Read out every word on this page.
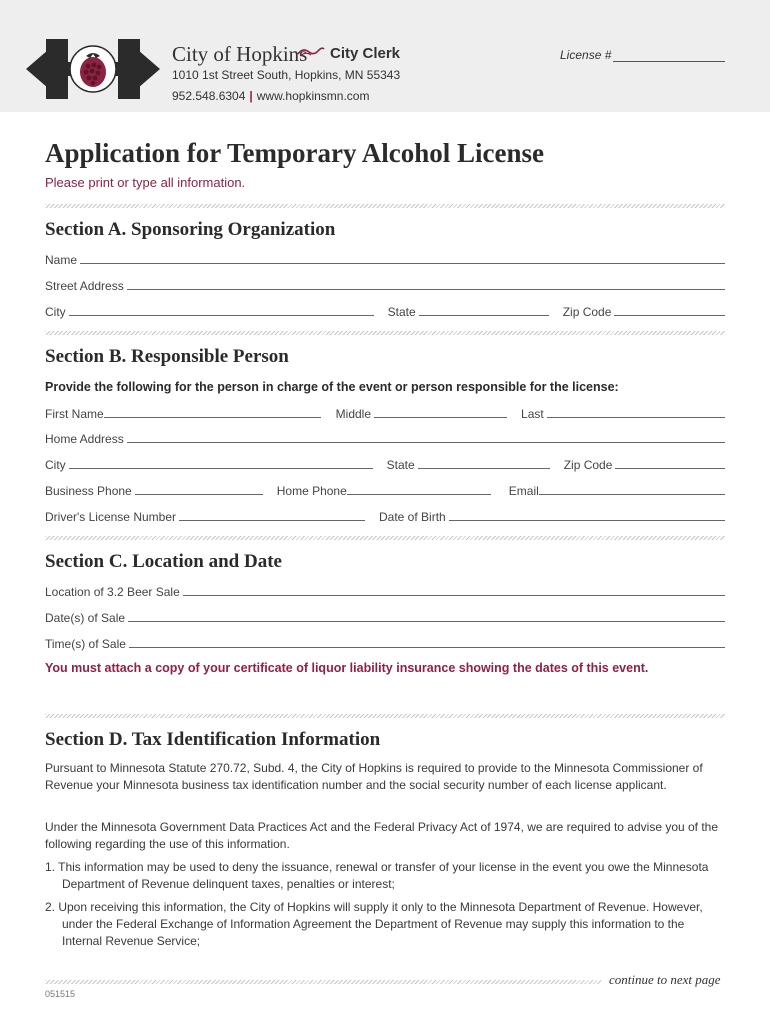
City of Hopkins City Clerk
1010 1st Street South, Hopkins, MN 55343
952.548.6304 | www.hopkinsmn.com
License #
Application for Temporary Alcohol License
Please print or type all information.
Section A. Sponsoring Organization
Name
Street Address
City	State	Zip Code
Section B. Responsible Person
Provide the following for the person in charge of the event or person responsible for the license:
First Name	Middle	Last
Home Address
City	State	Zip Code
Business Phone	Home Phone	Email
Driver's License Number	Date of Birth
Section C. Location and Date
Location of 3.2 Beer Sale
Date(s) of Sale
Time(s) of Sale
You must attach a copy of your certificate of liquor liability insurance showing the dates of this event.
Section D. Tax Identification Information

Pursuant to Minnesota Statute 270.72, Subd. 4, the City of Hopkins is required to provide to the Minnesota Commissioner of Revenue your Minnesota business tax identification number and the social security number of each license applicant.

Under the Minnesota Government Data Practices Act and the Federal Privacy Act of 1974, we are required to advise you of the following regarding the use of this information.

1. This information may be used to deny the issuance, renewal or transfer of your license in the event you owe the Minnesota Department of Revenue delinquent taxes, penalties or interest;

2. Upon receiving this information, the City of Hopkins will supply it only to the Minnesota Department of Revenue. However, under the Federal Exchange of Information Agreement the Department of Revenue may supply this information to the Internal Revenue Service;

continue to next page
051515
